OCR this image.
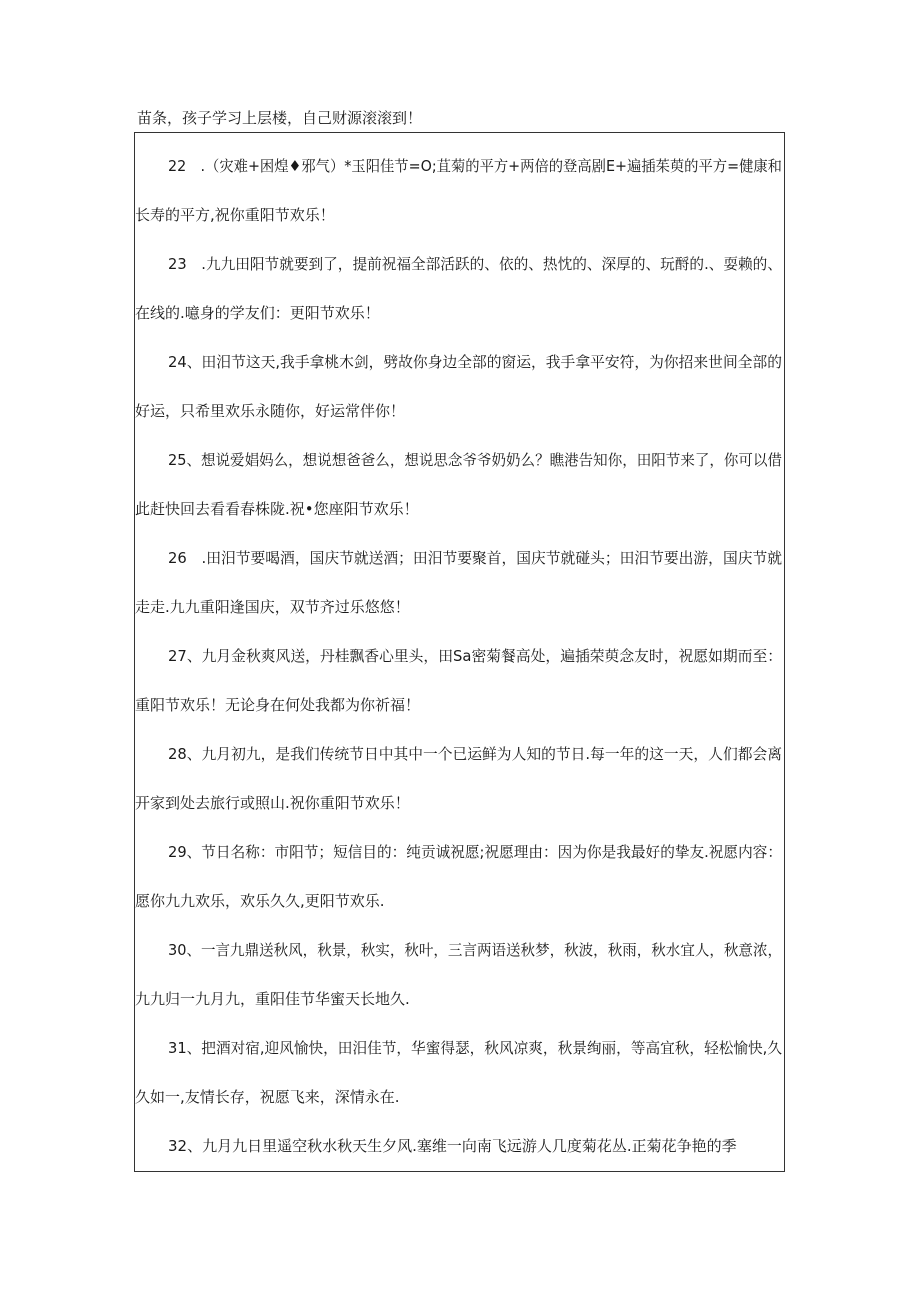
苗条，孩子学习上层楼，自己财源滚滚到！
22　.（灾难+困煌♦邪气）*玉阳佳节=O;苴菊的平方+两倍的登高剧E+遍插茱萸的平方=健康和
长寿的平方,祝你重阳节欢乐！
23　.九九田阳节就要到了，提前祝福全部活跃的、依的、热忱的、深厚的、玩酹的.、耍赖的、
在线的.噫身的学友们：更阳节欢乐！
24、田汨节这天,我手拿桃木剑，劈故你身边全部的窗运，我手拿平安符，为你招来世间全部的
好运，只希里欢乐永随你，好运常伴你！
25、想说爱娼妈么，想说想爸爸么，想说思念爷爷奶奶么？瞧港告知你，田阳节来了，你可以借
此赶快回去看看春株陇.祝•您座阳节欢乐！
26　.田汨节要喝酒，国庆节就送酒；田汨节要聚首，国庆节就碰头；田汨节要出游，国庆节就
走走.九九重阳逢国庆，双节齐过乐悠悠！
27、九月金秋爽风送，丹桂飘香心里头，田Sa密菊餐高处，遍插荣萸念友时，祝愿如期而至：
重阳节欢乐！无论身在何处我都为你祈福！
28、九月初九，是我们传统节日中其中一个已运鲜为人知的节日.每一年的这一天，人们都会离
开家到处去旅行或照山.祝你重阳节欢乐！
29、节日名称：市阳节；短信目的：纯贡诚祝愿;祝愿理由：因为你是我最好的挚友.祝愿内容：
愿你九九欢乐，欢乐久久,更阳节欢乐.
30、一言九鼎送秋风，秋景，秋实，秋叶，三言两语送秋梦，秋波，秋雨，秋水宜人，秋意浓，
九九归一九月九，重阳佳节华蜜天长地久.
31、把酒对宿,迎风愉快，田汨佳节，华蜜得瑟，秋风凉爽，秋景绚丽，等高宜秋，轻松愉快,久
久如一,友情长存，祝愿飞来，深情永在.
32、九月九日里遥空秋水秋天生夕风.塞维一向南飞远游人几度菊花丛.正菊花争艳的季
